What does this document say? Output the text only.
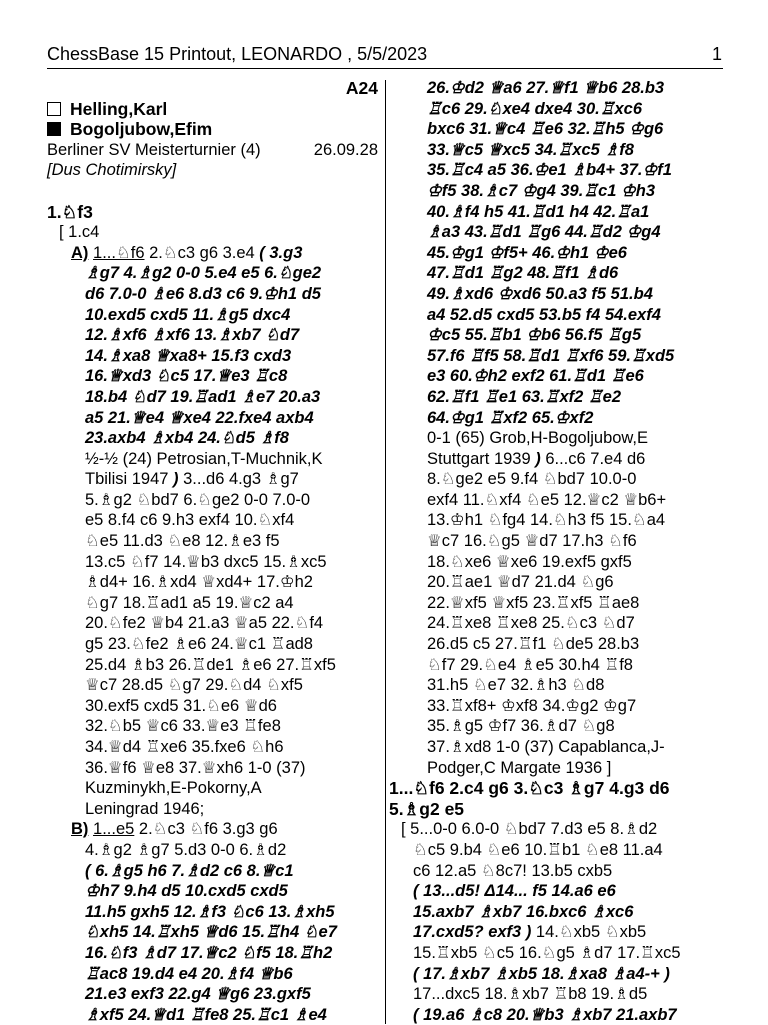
ChessBase 15 Printout, LEONARDO , 5/5/2023	1
A24
Helling,Karl
Bogoljubow,Efim
Berliner SV Meisterturnier (4)	26.09.28
[Dus Chotimirsky]
1.♘f3
[ 1.c4
A) 1...♘f6 2.♘c3 g6 3.e4 ( 3.g3
♗g7 4.♗g2 0-0 5.e4 e5 6.♘ge2
d6 7.0-0 ♗e6 8.d3 c6 9.♔h1 d5
10.exd5 cxd5 11.♗g5 dxc4
12.♗xf6 ♗xf6 13.♗xb7 ♘d7
14.♗xa8 ♕xa8+ 15.f3 cxd3
16.♕xd3 ♘c5 17.♕e3 ♖c8
18.b4 ♘d7 19.♖ad1 ♗e7 20.a3
a5 21.♕e4 ♕xe4 22.fxe4 axb4
23.axb4 ♗xb4 24.♘d5 ♗f8
½-½ (24) Petrosian,T-Muchnik,K
Tbilisi 1947 ) 3...d6 4.g3 ♗g7
5.♗g2 ♘bd7 6.♘ge2 0-0 7.0-0
e5 8.f4 c6 9.h3 exf4 10.♘xf4
♘e5 11.d3 ♘e8 12.♗e3 f5
13.c5 ♘f7 14.♕b3 dxc5 15.♗xc5
♗d4+ 16.♗xd4 ♕xd4+ 17.♔h2
♘g7 18.♖ad1 a5 19.♕c2 a4
20.♘fe2 ♕b4 21.a3 ♕a5 22.♘f4
g5 23.♘fe2 ♗e6 24.♕c1 ♖ad8
25.d4 ♗b3 26.♖de1 ♗e6 27.♖xf5
♕c7 28.d5 ♘g7 29.♘d4 ♘xf5
30.exf5 cxd5 31.♘e6 ♕d6
32.♘b5 ♕c6 33.♕e3 ♖fe8
34.♕d4 ♖xe6 35.fxe6 ♘h6
36.♕f6 ♕e8 37.♕xh6 1-0 (37)
Kuzminykh,E-Pokorny,A
Leningrad 1946;
B) 1...e5 2.♘c3 ♘f6 3.g3 g6
4.♗g2 ♗g7 5.d3 0-0 6.♗d2
( 6.♗g5 h6 7.♗d2 c6 8.♕c1
♔h7 9.h4 d5 10.cxd5 cxd5
11.h5 gxh5 12.♗f3 ♘c6 13.♗xh5
♘xh5 14.♖xh5 ♕d6 15.♖h4 ♘e7
16.♘f3 ♗d7 17.♕c2 ♘f5 18.♖h2
♖ac8 19.d4 e4 20.♗f4 ♕b6
21.e3 exf3 22.g4 ♕g6 23.gxf5
♗xf5 24.♕d1 ♖fe8 25.♖c1 ♗e4
26.♔d2 ♕a6 27.♕f1 ♕b6 28.b3
♖c6 29.♘xe4 dxe4 30.♖xc6
bxc6 31.♕c4 ♖e6 32.♖h5 ♔g6
33.♕c5 ♕xc5 34.♖xc5 ♗f8
35.♖c4 a5 36.♔e1 ♗b4+ 37.♔f1
♔f5 38.♗c7 ♔g4 39.♖c1 ♔h3
40.♗f4 h5 41.♖d1 h4 42.♖a1
♗a3 43.♖d1 ♖g6 44.♖d2 ♔g4
45.♔g1 ♔f5+ 46.♔h1 ♔e6
47.♖d1 ♖g2 48.♖f1 ♗d6
49.♗xd6 ♔xd6 50.a3 f5 51.b4
a4 52.d5 cxd5 53.b5 f4 54.exf4
♔c5 55.♖b1 ♔b6 56.f5 ♖g5
57.f6 ♖f5 58.♖d1 ♖xf6 59.♖xd5
e3 60.♔h2 exf2 61.♖d1 ♖e6
62.♖f1 ♖e1 63.♖xf2 ♖e2
64.♔g1 ♖xf2 65.♔xf2
0-1 (65) Grob,H-Bogoljubow,E
Stuttgart 1939 ) 6...c6 7.e4 d6
8.♘ge2 e5 9.f4 ♘bd7 10.0-0
exf4 11.♘xf4 ♘e5 12.♕c2 ♕b6+
13.♔h1 ♘fg4 14.♘h3 f5 15.♘a4
♕c7 16.♘g5 ♕d7 17.h3 ♘f6
18.♘xe6 ♕xe6 19.exf5 gxf5
20.♖ae1 ♕d7 21.d4 ♘g6
22.♕xf5 ♕xf5 23.♖xf5 ♖ae8
24.♖xe8 ♖xe8 25.♘c3 ♘d7
26.d5 c5 27.♖f1 ♘de5 28.b3
♘f7 29.♘e4 ♗e5 30.h4 ♖f8
31.h5 ♘e7 32.♗h3 ♘d8
33.♖xf8+ ♔xf8 34.♔g2 ♔g7
35.♗g5 ♔f7 36.♗d7 ♘g8
37.♗xd8 1-0 (37) Capablanca,J-
Podger,C Margate 1936 ]
1...♘f6 2.c4 g6 3.♘c3 ♗g7 4.g3 d6
5.♗g2 e5
[ 5...0-0 6.0-0 ♘bd7 7.d3 e5 8.♗d2
♘c5 9.b4 ♘e6 10.♖b1 ♘e8 11.a4
c6 12.a5 ♘8c7! 13.b5 cxb5
( 13...d5! Δ14... f5 14.a6 e6
15.axb7 ♗xb7 16.bxc6 ♗xc6
17.cxd5? exf3 ) 14.♘xb5 ♘xb5
15.♖xb5 ♘c5 16.♘g5 ♗d7 17.♖xc5
( 17.♗xb7 ♗xb5 18.♗xa8 ♗a4-+ )
17...dxc5 18.♗xb7 ♖b8 19.♗d5
( 19.a6 ♗c8 20.♕b3 ♗xb7 21.axb7
